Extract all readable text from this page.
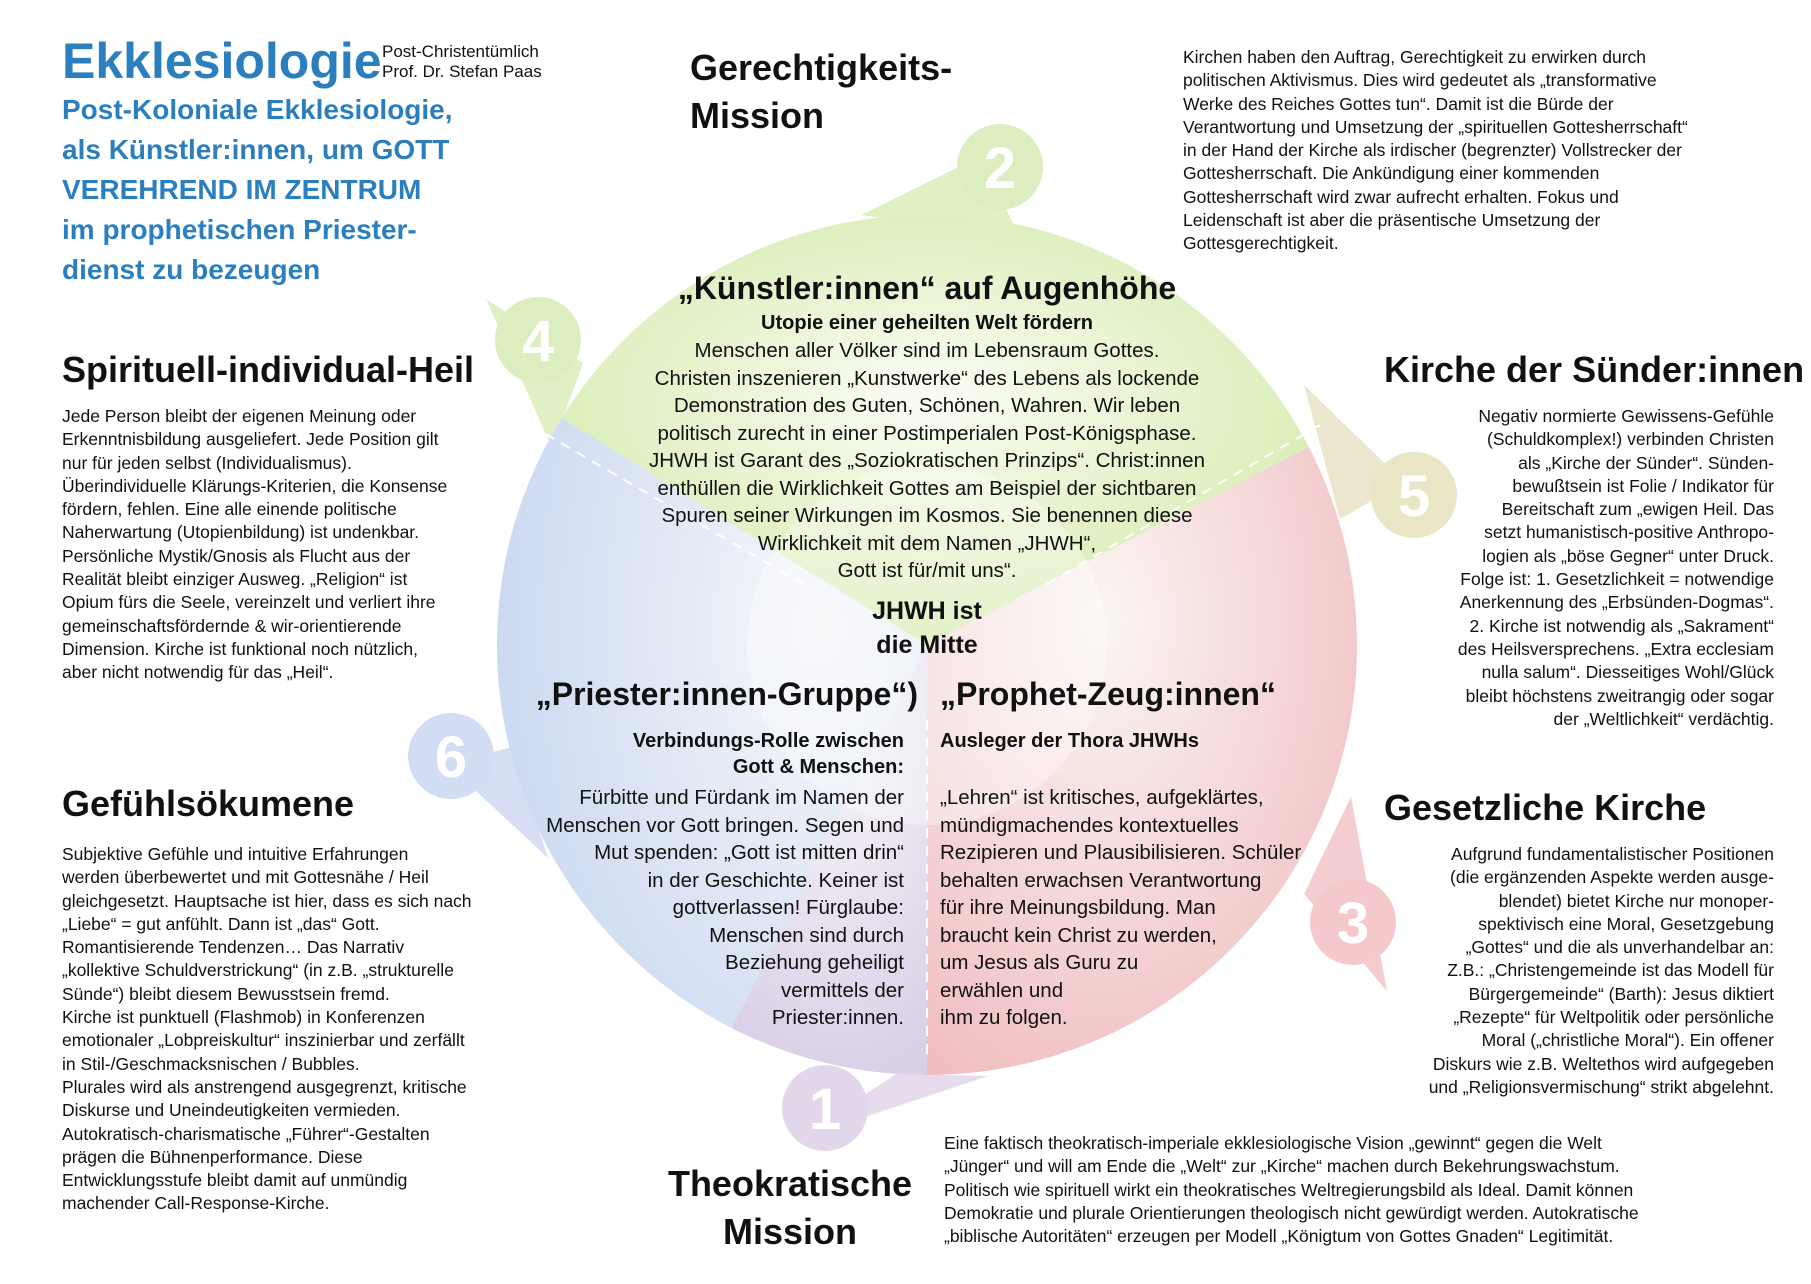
2
4
5
6
3
1
Ekklesiologie Post-Christentümlich

Prof. Dr. Stefan Paas

Post-Koloniale Ekklesiologie,

als Künstler:innen, um GOTT

VEREHREND IM ZENTRUM

im prophetischen Priester-

dienst zu bezeugen

Gerechtigkeits-

Mission

Kirchen haben den Auftrag, Gerechtigkeit zu erwirken durch

politischen Aktivismus. Dies wird gedeutet als „transformative

Werke des Reiches Gottes tun“. Damit ist die Bürde der

Verantwortung und Umsetzung der „spirituellen Gottesherrschaft“

in der Hand der Kirche als irdischer (begrenzter) Vollstrecker der

Gottesherrschaft. Die Ankündigung einer kommenden

Gottesherrschaft wird zwar aufrecht erhalten. Fokus und

Leidenschaft ist aber die präsentische Umsetzung der

Gottesgerechtigkeit.

Spirituell-individual-Heil

Jede Person bleibt der eigenen Meinung oder

Erkenntnisbildung ausgeliefert. Jede Position gilt

nur für jeden selbst (Individualismus).

Überindividuelle Klärungs-Kriterien, die Konsense

fördern, fehlen. Eine alle einende politische

Naherwartung (Utopienbildung) ist undenkbar.

Persönliche Mystik/Gnosis als Flucht aus der

Realität bleibt einziger Ausweg. „Religion“ ist

Opium fürs die Seele, vereinzelt und verliert ihre

gemeinschaftsfördernde & wir-orientierende

Dimension. Kirche ist funktional noch nützlich,

aber nicht notwendig für das „Heil“.

Kirche der Sünder:innen

Negativ normierte Gewissens-Gefühle

(Schuldkomplex!) verbinden Christen

als „Kirche der Sünder“. Sünden-

bewußtsein ist Folie / Indikator für

Bereitschaft zum „ewigen Heil. Das

setzt humanistisch-positive Anthropo-

logien als „böse Gegner“ unter Druck.

Folge ist: 1. Gesetzlichkeit = notwendige

Anerkennung des „Erbsünden-Dogmas“.

2. Kirche ist notwendig als „Sakrament“

des Heilsversprechens. „Extra ecclesiam

nulla salum“. Diesseitiges Wohl/Glück

bleibt höchstens zweitrangig oder sogar

der „Weltlichkeit“ verdächtig.

Gefühlsökumene

Subjektive Gefühle und intuitive Erfahrungen

werden überbewertet und mit Gottesnähe / Heil

gleichgesetzt. Hauptsache ist hier, dass es sich nach

„Liebe“ = gut anfühlt. Dann ist „das“ Gott.

Romantisierende Tendenzen… Das Narrativ

„kollektive Schuldverstrickung“ (in z.B. „strukturelle

Sünde“) bleibt diesem Bewusstsein fremd.

Kirche ist punktuell (Flashmob) in Konferenzen

emotionaler „Lobpreiskultur“ inszinierbar und zerfällt

in Stil-/Geschmacksnischen / Bubbles.

Plurales wird als anstrengend ausgegrenzt, kritische

Diskurse und Uneindeutigkeiten vermieden.

Autokratisch-charismatische „Führer“-Gestalten

prägen die Bühnenperformance. Diese

Entwicklungsstufe bleibt damit auf unmündig

machender Call-Response-Kirche.

Gesetzliche Kirche

Aufgrund fundamentalistischer Positionen

(die ergänzenden Aspekte werden ausge-

blendet) bietet Kirche nur monoper-

spektivisch eine Moral, Gesetzgebung

„Gottes“ und die als unverhandelbar an:

Z.B.: „Christengemeinde ist das Modell für

Bürgergemeinde“ (Barth): Jesus diktiert

„Rezepte“ für Weltpolitik oder persönliche

Moral („christliche Moral“). Ein offener

Diskurs wie z.B. Weltethos wird aufgegeben

und „Religionsvermischung“ strikt abgelehnt.

Theokratische

Mission

Eine faktisch theokratisch-imperiale ekklesiologische Vision „gewinnt“ gegen die Welt

„Jünger“ und will am Ende die „Welt“ zur „Kirche“ machen durch Bekehrungswachstum.

Politisch wie spirituell wirkt ein theokratisches Weltregierungsbild als Ideal. Damit können

Demokratie und plurale Orientierungen theologisch nicht gewürdigt werden. Autokratische

„biblische Autoritäten“ erzeugen per Modell „Königtum von Gottes Gnaden“ Legitimität.

„Künstler:innen“ auf Augenhöhe
Utopie einer geheilten Welt fördern

Menschen aller Völker sind im Lebensraum Gottes.

Christen inszenieren „Kunstwerke“ des Lebens als lockende

Demonstration des Guten, Schönen, Wahren. Wir leben

politisch zurecht in einer Postimperialen Post-Königsphase.

JHWH ist Garant des „Soziokratischen Prinzips“. Christ:innen

enthüllen die Wirklichkeit Gottes am Beispiel der sichtbaren

Spuren seiner Wirkungen im Kosmos. Sie benennen diese

Wirklichkeit mit dem Namen „JHWH“,

Gott ist für/mit uns“.

JHWH ist

die Mitte

„Priester:innen-Gruppe“)

Verbindungs-Rolle zwischen

Gott & Menschen:

Fürbitte und Fürdank im Namen der

Menschen vor Gott bringen. Segen und

Mut spenden: „Gott ist mitten drin“

in der Geschichte. Keiner ist

gottverlassen! Fürglaube:

Menschen sind durch

Beziehung geheiligt

vermittels der

Priester:innen.

„Prophet-Zeug:innen“
Ausleger der Thora JHWHs

„Lehren“ ist kritisches, aufgeklärtes,

mündigmachendes kontextuelles

Rezipieren und Plausibilisieren. Schüler

behalten erwachsen Verantwortung

für ihre Meinungsbildung. Man

braucht kein Christ zu werden,

um Jesus als Guru zu

erwählen und

ihm zu folgen.
